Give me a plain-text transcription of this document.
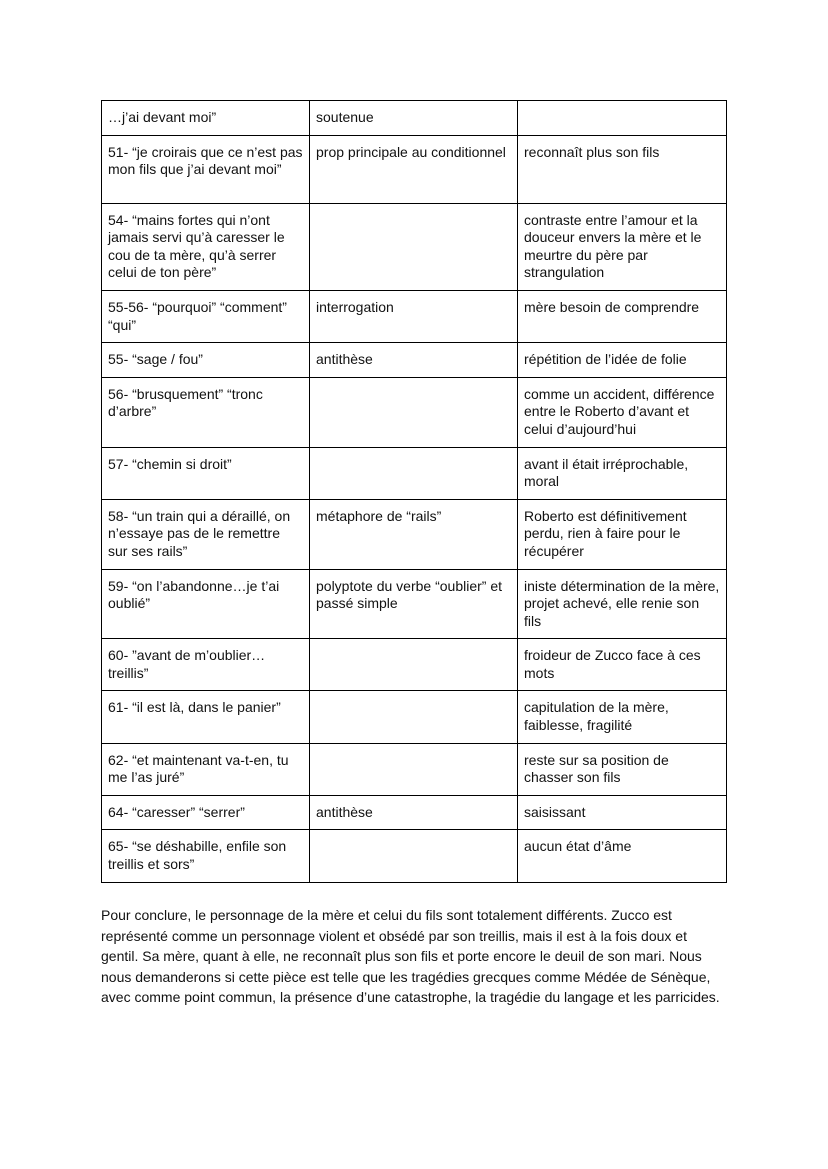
…j’ai devant moi”	soutenue	

51- “je croirais que ce n’est pas mon fils que j’ai devant moi”	prop principale au conditionnel	reconnaît plus son fils

54- “mains fortes qui n’ont jamais servi qu’à caresser le cou de ta mère, qu’à serrer celui de ton père”		contraste entre l’amour et la douceur envers la mère et le meurtre du père par strangulation

55-56- “pourquoi” “comment” “qui”	interrogation	mère besoin de comprendre

55- “sage / fou”	antithèse	répétition de l’idée de folie

56- “brusquement” “tronc d’arbre”		comme un accident, différence entre le Roberto d’avant et celui d’aujourd’hui

57- “chemin si droit”		avant il était irréprochable, moral

58- “un train qui a déraillé, on n’essaye pas de le remettre sur ses rails”	métaphore de “rails”	Roberto est définitivement perdu, rien à faire pour le récupérer

59- “on l’abandonne…je t’ai oublié”	polyptote du verbe “oublier” et passé simple	iniste détermination de la mère, projet achevé, elle renie son fils

60- ”avant de m’oublier…treillis”		froideur de Zucco face à ces mots

61- “il est là, dans le panier”		capitulation de la mère, faiblesse, fragilité

62- “et maintenant va-t-en, tu me l’as juré”		reste sur sa position de chasser son fils

64- “caresser” “serrer”	antithèse	saisissant

65- “se déshabille, enfile son treillis et sors”		aucun état d’âme

Pour conclure, le personnage de la mère et celui du fils sont totalement différents. Zucco est représenté comme un personnage violent et obsédé par son treillis, mais il est à la fois doux et gentil. Sa mère, quant à elle, ne reconnaît plus son fils et porte encore le deuil de son mari. Nous nous demanderons si cette pièce est telle que les tragédies grecques comme Médée de Sénèque, avec comme point commun, la présence d’une catastrophe, la tragédie du langage et les parricides.
